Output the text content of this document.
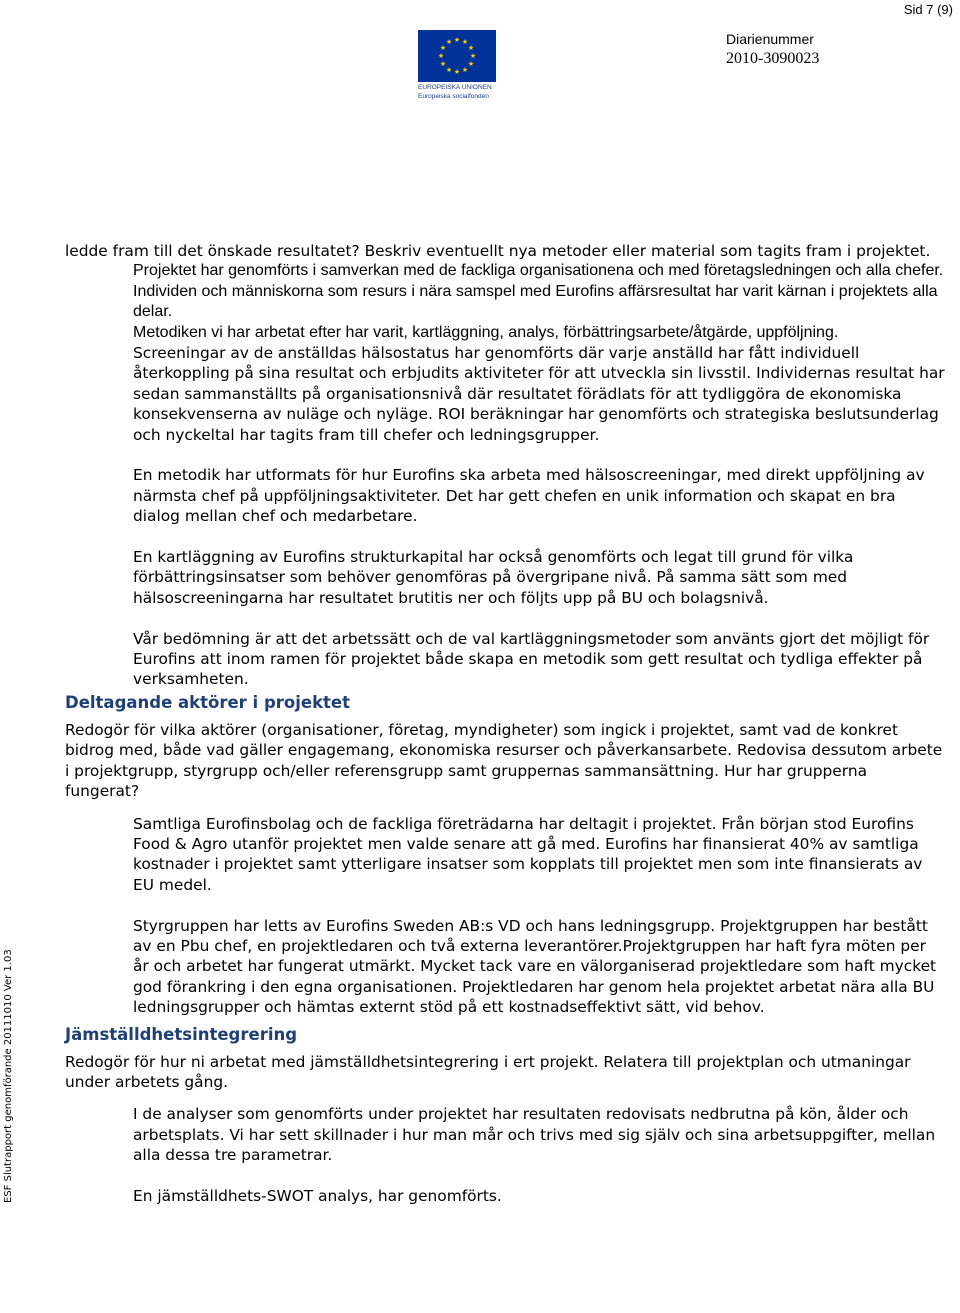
Sid 7 (9)
★ ★
★
★
★
★
★
★
★
★
★
★
EUROPEISKA UNIONEN
Europeiska socialfonden
Diarienummer
2010-3090023
ESF Slutrapport genomförande 20111010 Ver 1.03

ledde fram till det önskade resultatet? Beskriv eventuellt nya metoder eller material som tagits fram i projektet.

Projektet har genomförts i samverkan med de fackliga organisationena och med företagsledningen och alla chefer. Individen och människorna som resurs i nära samspel med Eurofins affärsresultat har varit kärnan i projektets alla delar.

Metodiken vi har arbetat efter har varit, kartläggning, analys, förbättringsarbete/åtgärde, uppföljning.

Screeningar av de anställdas hälsostatus har genomförts där varje anställd har fått individuell återkoppling på sina resultat och erbjudits aktiviteter för att utveckla sin livsstil. Individernas resultat har sedan sammanställts på organisationsnivå där resultatet förädlats för att tydliggöra de ekonomiska konsekvenserna av nuläge och nyläge. ROI beräkningar har genomförts och strategiska beslutsunderlag och nyckeltal har tagits fram till chefer och ledningsgrupper.

En metodik har utformats för hur Eurofins ska arbeta med hälsoscreeningar, med direkt uppföljning av närmsta chef på uppföljningsaktiviteter. Det har gett chefen en unik information och skapat en bra dialog mellan chef och medarbetare.

En kartläggning av Eurofins strukturkapital har också genomförts och legat till grund för vilka förbättringsinsatser som behöver genomföras på övergripane nivå. På samma sätt som med hälsoscreeningarna har resultatet brutitis ner och följts upp på BU och bolagsnivå.

Vår bedömning är att det arbetssätt och de val kartläggningsmetoder som använts gjort det möjligt för Eurofins att inom ramen för projektet både skapa en metodik som gett resultat och tydliga effekter på verksamheten.

Deltagande aktörer i projektet

Redogör för vilka aktörer (organisationer, företag, myndigheter) som ingick i projektet, samt vad de konkret bidrog med, både vad gäller engagemang, ekonomiska resurser och påverkansarbete. Redovisa dessutom arbete i projektgrupp, styrgrupp och/eller referensgrupp samt gruppernas sammansättning. Hur har grupperna fungerat?

Samtliga Eurofinsbolag och de fackliga företrädarna har deltagit i projektet. Från början stod Eurofins Food & Agro utanför projektet men valde senare att gå med. Eurofins har finansierat 40% av samtliga kostnader i projektet samt ytterligare insatser som kopplats till projektet men som inte finansierats av EU medel.

Styrgruppen har letts av Eurofins Sweden AB:s VD och hans ledningsgrupp. Projektgruppen har bestått av en Pbu chef, en projektledaren och två externa leverantörer.Projektgruppen har haft fyra möten per år och arbetet har fungerat utmärkt. Mycket tack vare en välorganiserad projektledare som haft mycket god förankring i den egna organisationen. Projektledaren har genom hela projektet arbetat nära alla BU ledningsgrupper och hämtas externt stöd på ett kostnadseffektivt sätt, vid behov.

Jämställdhetsintegrering

Redogör för hur ni arbetat med jämställdhetsintegrering i ert projekt. Relatera till projektplan och utmaningar under arbetets gång.

I de analyser som genomförts under projektet har resultaten redovisats nedbrutna på kön, ålder och arbetsplats. Vi har sett skillnader i hur man mår och trivs med sig själv och sina arbetsuppgifter, mellan alla dessa tre parametrar.

En jämställdhets-SWOT analys, har genomförts.
